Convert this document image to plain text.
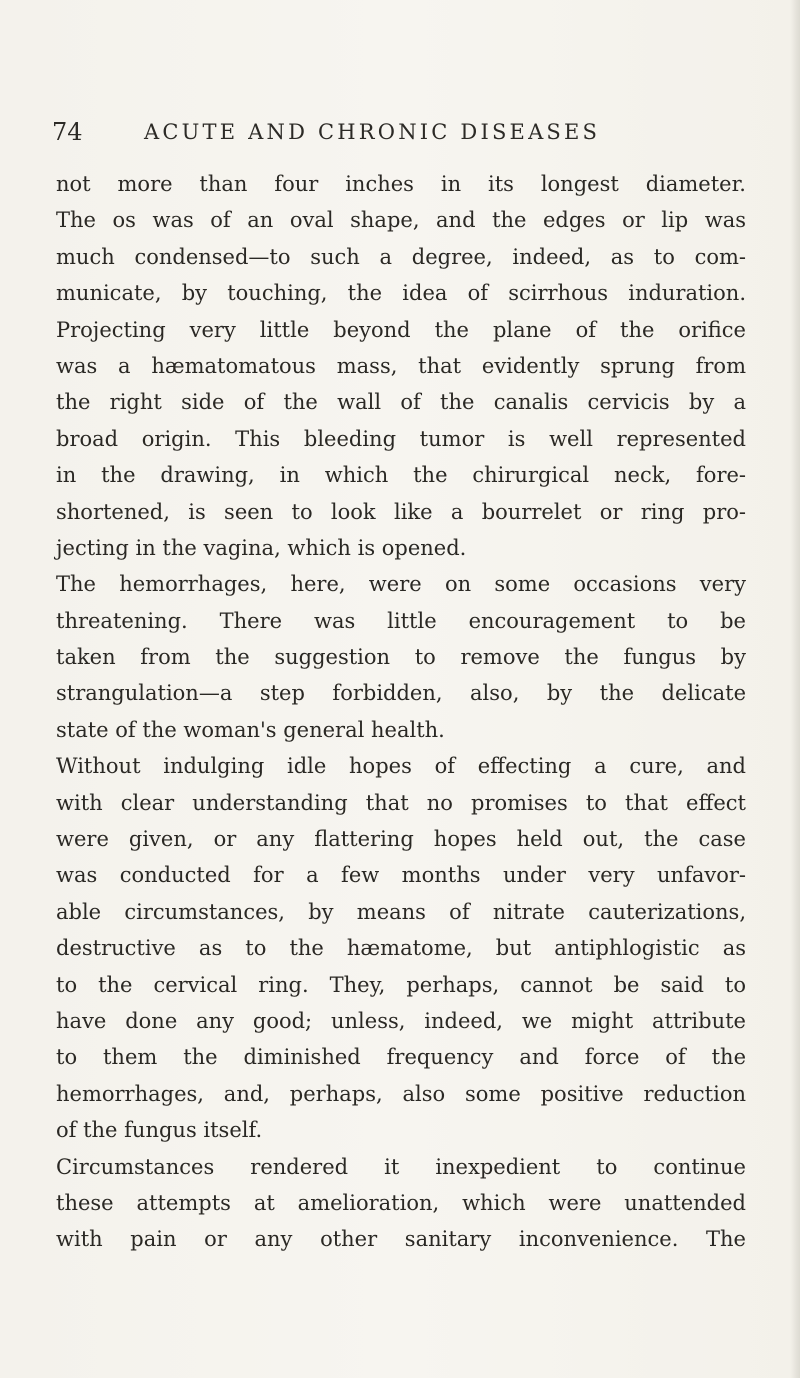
74	ACUTE AND CHRONIC DISEASES
not more than four inches in its longest diameter.
The os was of an oval shape, and the edges or lip was
much condensed—to such a degree, indeed, as to com-
municate, by touching, the idea of scirrhous induration.
Projecting very little beyond the plane of the orifice
was a hæmatomatous mass, that evidently sprung from
the right side of the wall of the canalis cervicis by a
broad origin. This bleeding tumor is well represented
in the drawing, in which the chirurgical neck, fore-
shortened, is seen to look like a bourrelet or ring pro-
jecting in the vagina, which is opened.
The hemorrhages, here, were on some occasions very
threatening. There was little encouragement to be
taken from the suggestion to remove the fungus by
strangulation—a step forbidden, also, by the delicate
state of the woman's general health.
Without indulging idle hopes of effecting a cure, and
with clear understanding that no promises to that effect
were given, or any flattering hopes held out, the case
was conducted for a few months under very unfavor-
able circumstances, by means of nitrate cauterizations,
destructive as to the hæmatome, but antiphlogistic as
to the cervical ring. They, perhaps, cannot be said to
have done any good; unless, indeed, we might attribute
to them the diminished frequency and force of the
hemorrhages, and, perhaps, also some positive reduction
of the fungus itself.
Circumstances rendered it inexpedient to continue
these attempts at amelioration, which were unattended
with pain or any other sanitary inconvenience. The
